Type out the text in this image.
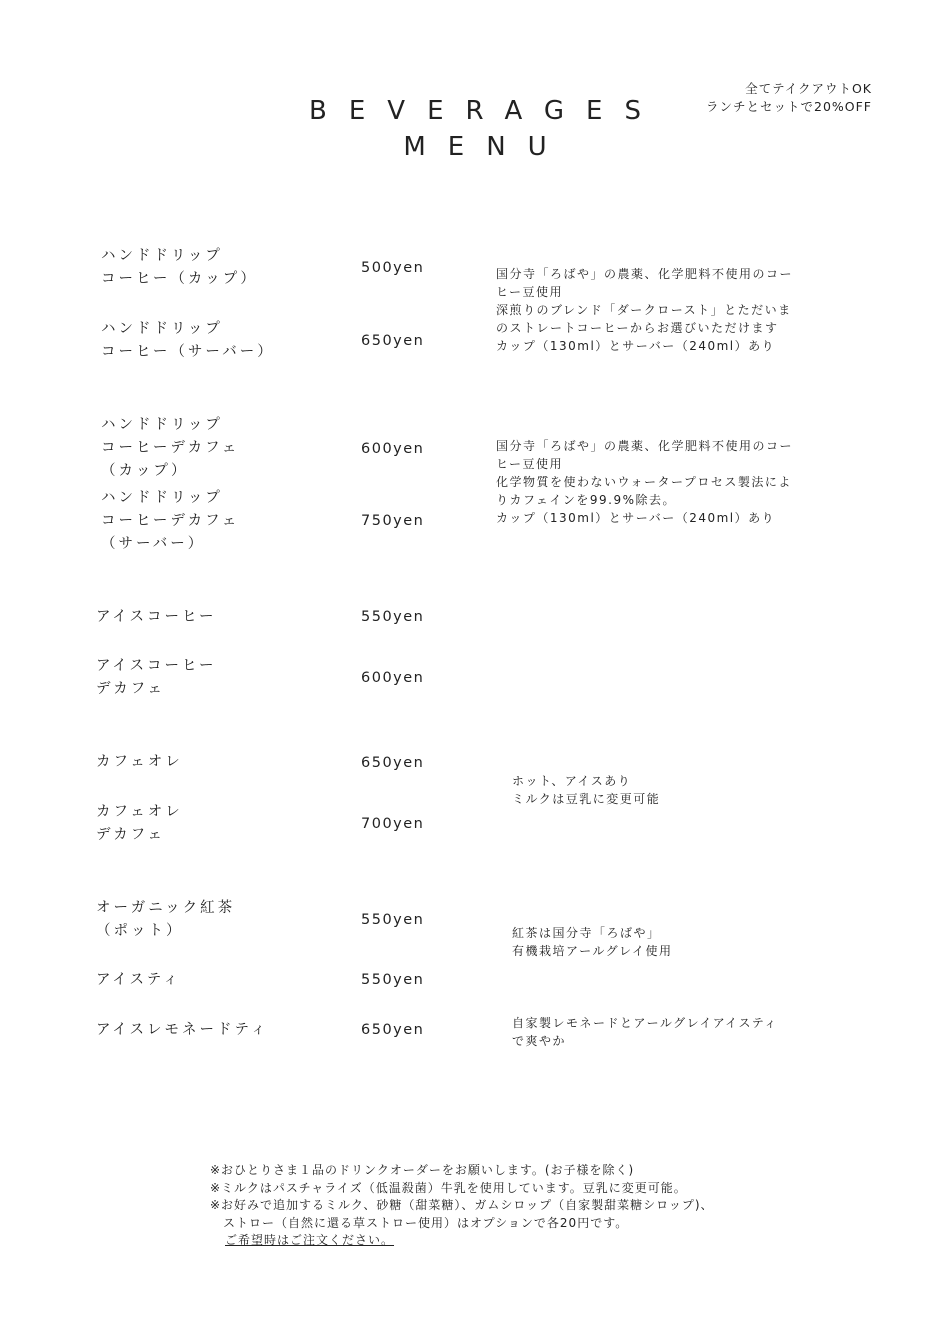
BEVERAGES
MENU
全てテイクアウトOK
ランチとセットで20%OFF
ハンドドリップ
コーヒー（カップ）
ハンドドリップ
コーヒー（サーバー）
ハンドドリップ
コーヒーデカフェ
（カップ）
ハンドドリップ
コーヒーデカフェ
（サーバー）
アイスコーヒー
アイスコーヒー
デカフェ
カフェオレ
カフェオレ
デカフェ
オーガニック紅茶
（ポット）
アイスティ
アイスレモネードティ
500yen
650yen
600yen
750yen
550yen
600yen
650yen
700yen
550yen
550yen
650yen
国分寺「ろばや」の農薬、化学肥料不使用のコー
ヒー豆使用
深煎りのブレンド「ダークロースト」とただいま
のストレートコーヒーからお選びいただけます
カップ（130ml）とサーバー（240ml）あり
国分寺「ろばや」の農薬、化学肥料不使用のコー
ヒー豆使用
化学物質を使わないウォータープロセス製法によ
りカフェインを99.9%除去。
カップ（130ml）とサーバー（240ml）あり
ホット、アイスあり
ミルクは豆乳に変更可能
紅茶は国分寺「ろばや」
有機栽培アールグレイ使用
自家製レモネードとアールグレイアイスティ
で爽やか
※おひとりさま１品のドリンクオーダーをお願いします。(お子様を除く)
※ミルクはパスチャライズ（低温殺菌）牛乳を使用しています。豆乳に変更可能。
※お好みで追加するミルク、砂糖（甜菜糖）、ガムシロップ（自家製甜菜糖シロップ)、
　ストロー（自然に還る草ストロー使用）はオプションで各20円です。
ご希望時はご注文ください。
